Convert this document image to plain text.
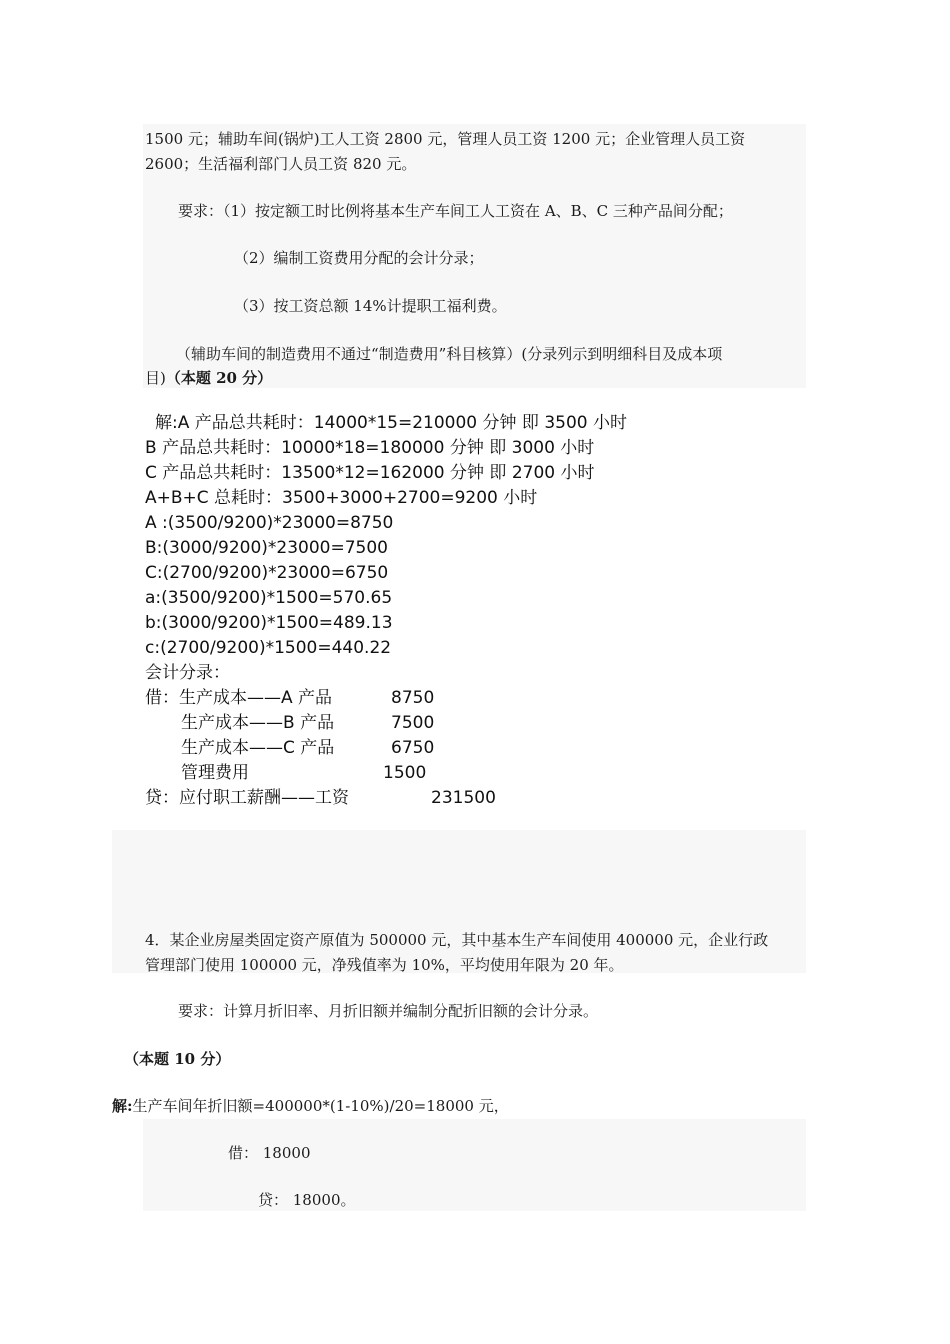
1500 元；辅助车间(锅炉)工人工资 2800 元，管理人员工资 1200 元；企业管理人员工资
2600；生活福利部门人员工资 820 元。
要求：（1）按定额工时比例将基本生产车间工人工资在 A、B、C 三种产品间分配；
（2）编制工资费用分配的会计分录；
（3）按工资总额 14%计提职工福利费。
（辅助车间的制造费用不通过“制造费用”科目核算）(分录列示到明细科目及成本项
目)（本题 20 分）
解:A 产品总共耗时：14000*15=210000 分钟 即 3500 小时
B 产品总共耗时：10000*18=180000 分钟 即 3000 小时
C 产品总共耗时：13500*12=162000 分钟 即 2700 小时
A+B+C 总耗时：3500+3000+2700=9200 小时
A :(3500/9200)*23000=8750
B:(3000/9200)*23000=7500
C:(2700/9200)*23000=6750
a:(3500/9200)*1500=570.65
b:(3000/9200)*1500=489.13
c:(2700/9200)*1500=440.22
会计分录：
借：生产成本——A 产品	8750
生产成本——B 产品	7500
生产成本——C 产品	6750
管理费用	1500
贷：应付职工薪酬——工资	231500
4．某企业房屋类固定资产原值为 500000 元，其中基本生产车间使用 400000 元，企业行政
管理部门使用 100000 元，净残值率为 10%，平均使用年限为 20 年。
要求：计算月折旧率、月折旧额并编制分配折旧额的会计分录。
（本题 10 分）
解:生产车间年折旧额=400000*(1-10%)/20=18000 元，
借： 18000
贷： 18000。
